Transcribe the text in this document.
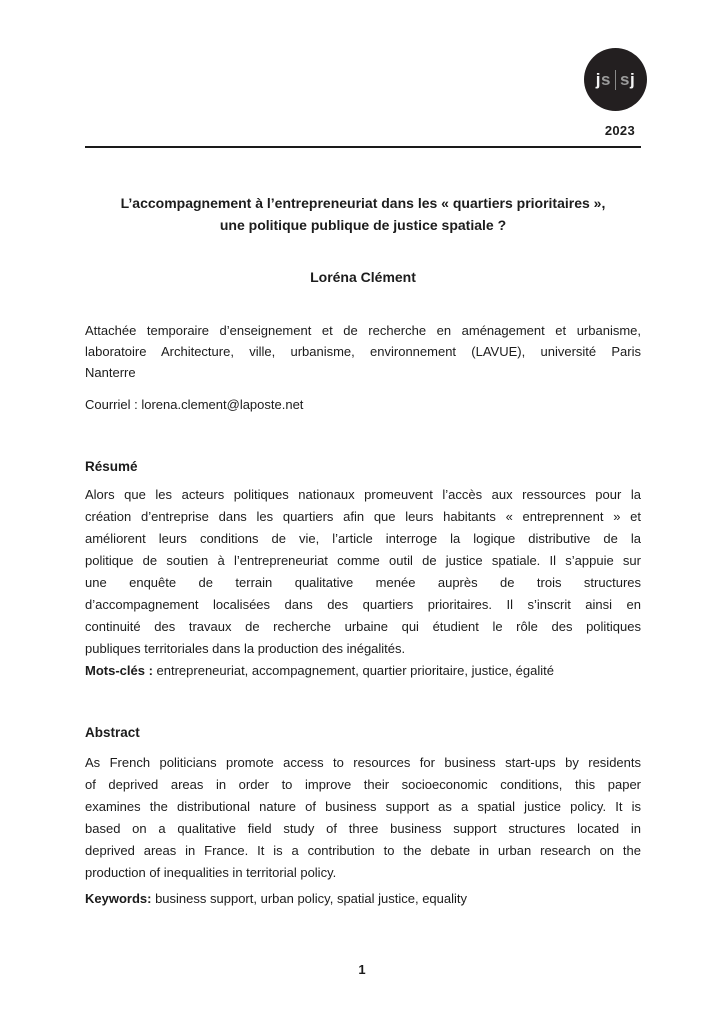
js sj
2023
L’accompagnement à l’entrepreneuriat dans les « quartiers prioritaires »,
une politique publique de justice spatiale ?
Loréna Clément
Attachée temporaire d’enseignement et de recherche en aménagement et urbanisme,
laboratoire Architecture, ville, urbanisme, environnement (LAVUE), université Paris
Nanterre
Courriel : lorena.clement@laposte.net
Résumé
Alors que les acteurs politiques nationaux promeuvent l’accès aux ressources pour la
création d’entreprise dans les quartiers afin que leurs habitants « entreprennent » et
améliorent leurs conditions de vie, l’article interroge la logique distributive de la
politique de soutien à l’entrepreneuriat comme outil de justice spatiale. Il s’appuie sur
une enquête de terrain qualitative menée auprès de trois structures
d’accompagnement localisées dans des quartiers prioritaires. Il s’inscrit ainsi en
continuité des travaux de recherche urbaine qui étudient le rôle des politiques
publiques territoriales dans la production des inégalités.
Mots-clés : entrepreneuriat, accompagnement, quartier prioritaire, justice, égalité
Abstract
As French politicians promote access to resources for business start-ups by residents
of deprived areas in order to improve their socioeconomic conditions, this paper
examines the distributional nature of business support as a spatial justice policy. It is
based on a qualitative field study of three business support structures located in
deprived areas in France. It is a contribution to the debate in urban research on the
production of inequalities in territorial policy.
Keywords: business support, urban policy, spatial justice, equality
1
